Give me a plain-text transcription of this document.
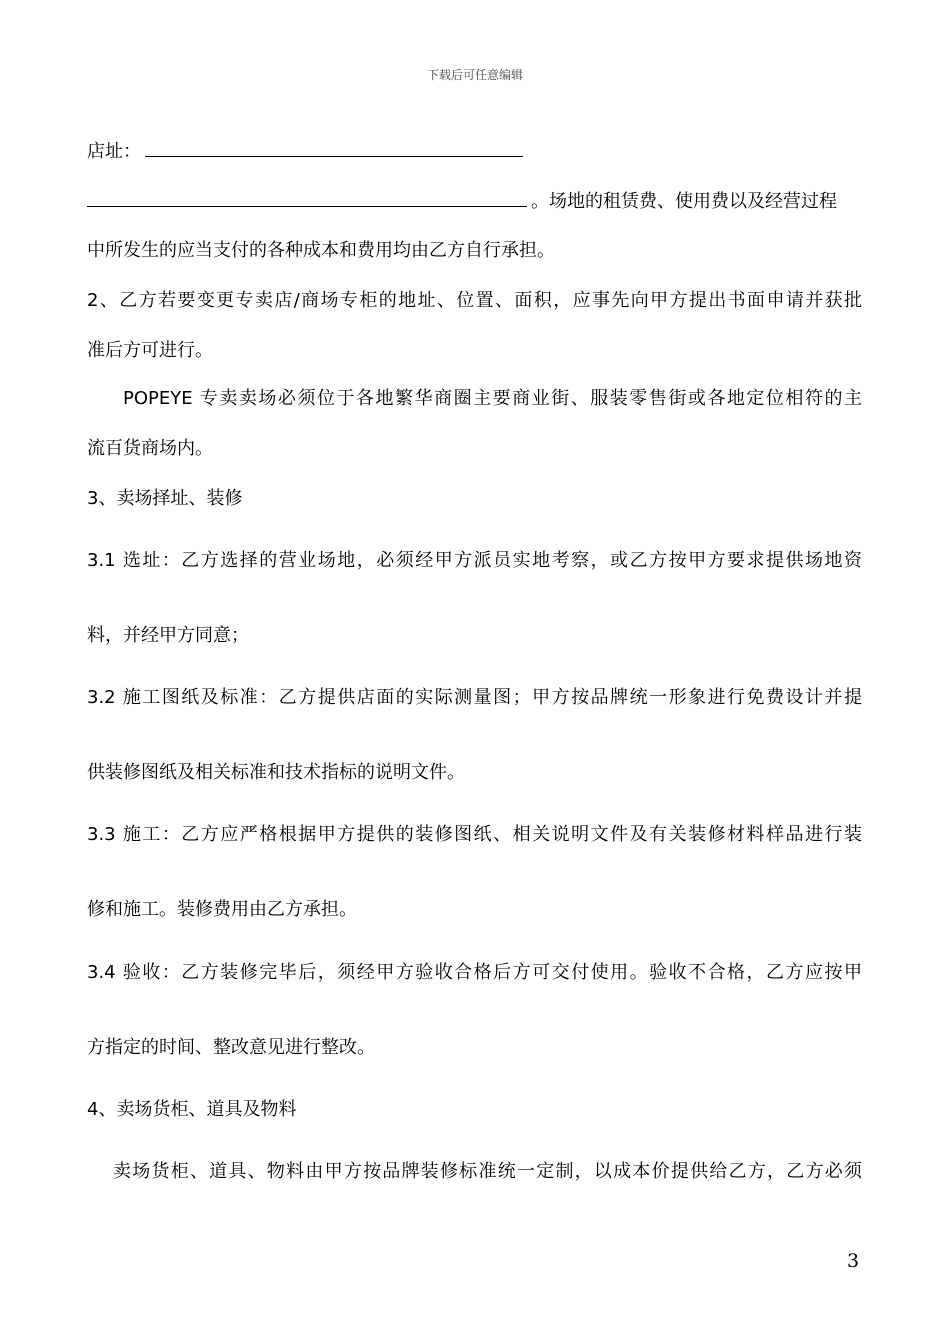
下载后可任意编辑
店址：
。场地的租赁费、使用费以及经营过程
中所发生的应当支付的各种成本和费用均由乙方自行承担。
2、乙方若要变更专卖店/商场专柜的地址、位置、面积，应事先向甲方提出书面申请并获批
准后方可进行。
POPEYE 专卖卖场必须位于各地繁华商圈主要商业街、服装零售街或各地定位相符的主
流百货商场内。
3、卖场择址、装修
3.1 选址：乙方选择的营业场地，必须经甲方派员实地考察，或乙方按甲方要求提供场地资
料，并经甲方同意；
3.2 施工图纸及标准：乙方提供店面的实际测量图；甲方按品牌统一形象进行免费设计并提
供装修图纸及相关标准和技术指标的说明文件。
3.3 施工：乙方应严格根据甲方提供的装修图纸、相关说明文件及有关装修材料样品进行装
修和施工。装修费用由乙方承担。
3.4 验收：乙方装修完毕后，须经甲方验收合格后方可交付使用。验收不合格，乙方应按甲
方指定的时间、整改意见进行整改。
4、卖场货柜、道具及物料
卖场货柜、道具、物料由甲方按品牌装修标准统一定制，以成本价提供给乙方，乙方必须
3
